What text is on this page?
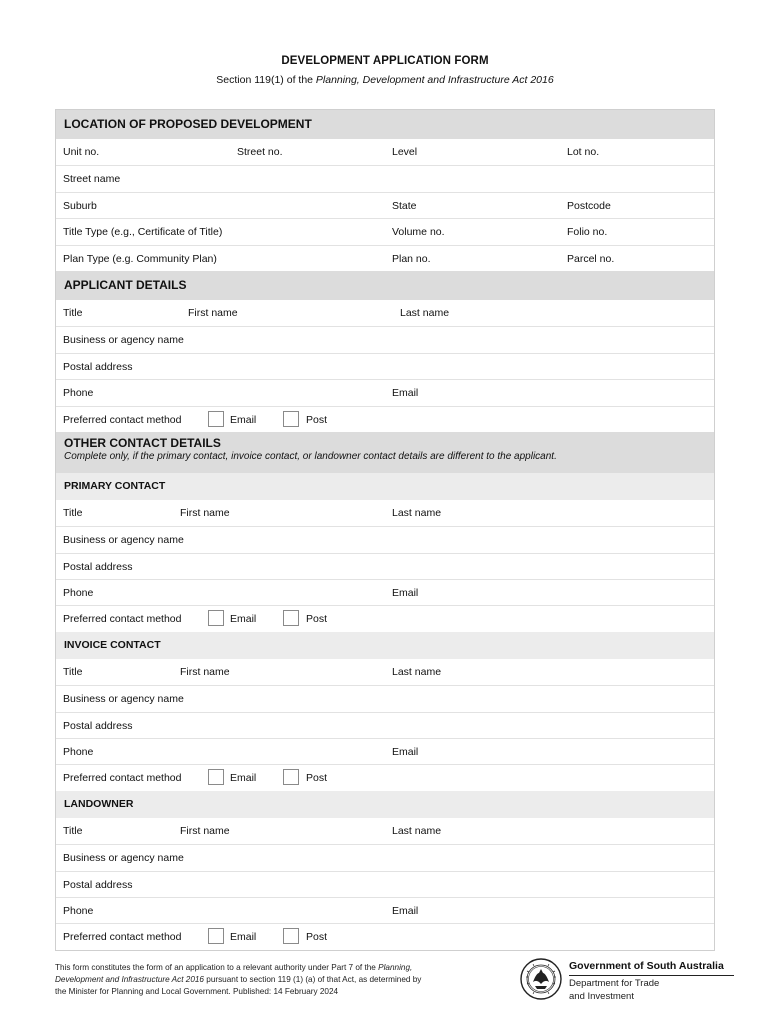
DEVELOPMENT APPLICATION FORM
Section 119(1) of the Planning, Development and Infrastructure Act 2016
LOCATION OF PROPOSED DEVELOPMENT
Unit no.	Street no.	Level	Lot no.
Street name
Suburb	State	Postcode
Title Type (e.g., Certificate of Title)	Volume no.	Folio no.
Plan Type (e.g. Community Plan)	Plan no.	Parcel no.
APPLICANT DETAILS
Title	First name	Last name
Business or agency name
Postal address
Phone	Email
Preferred contact method	Email	Post
OTHER CONTACT DETAILS
Complete only, if the primary contact, invoice contact, or landowner contact details are different to the applicant.
PRIMARY CONTACT
Title	First name	Last name
Business or agency name
Postal address
Phone	Email
Preferred contact method	Email	Post
INVOICE CONTACT
Title	First name	Last name
Business or agency name
Postal address
Phone	Email
Preferred contact method	Email	Post
LANDOWNER
Title	First name	Last name
Business or agency name
Postal address
Phone	Email
Preferred contact method	Email	Post
This form constitutes the form of an application to a relevant authority under Part 7 of the Planning,
Development and Infrastructure Act 2016 pursuant to section 119 (1) (a) of that Act, as determined by
the Minister for Planning and Local Government. Published: 14 February 2024
Government of South Australia
Department for Trade
and Investment
